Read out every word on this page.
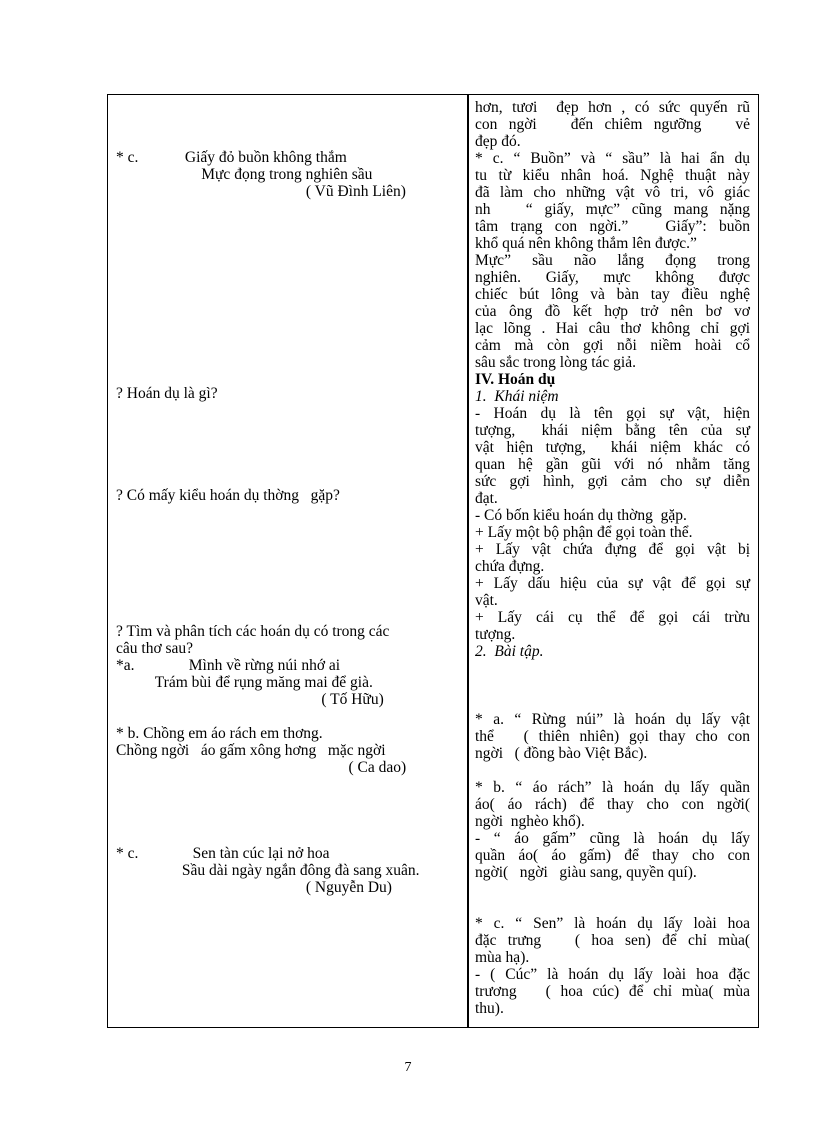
* c.            Giấy đỏ buồn không thắm
Mực đọng trong nghiên sầu
( Vũ Đình Liên)
? Hoán dụ là gì?
? Có mấy kiểu hoán dụ thờng   gặp?
? Tìm và phân tích các hoán dụ có trong các
câu thơ sau?
*a.              Mình về rừng núi nhớ ai
Trám bùi để rụng măng mai để già.
( Tố Hữu)
* b. Chồng em áo rách em thơng.
Chồng ngời   áo gấm xông hơng   mặc ngời
( Ca dao)
* c.              Sen tàn cúc lại nở hoa
Sầu dài ngày ngắn đông đà sang xuân.
( Nguyễn Du)
hơn, tươi  đẹp hơn , có sức quyến rũ
con ngời   đến chiêm ngưỡng   vẻ
đẹp đó.
* c. “ Buồn” và “ sầu” là hai ẩn dụ
tu từ kiểu nhân hoá. Nghệ thuật này
đã làm cho những vật vô tri, vô giác
nh   “ giấy, mực” cũng mang nặng
tâm trạng con ngời.”   Giấy”: buồn
khổ quá nên không thắm lên được.”
Mực”  sầu  não  lắng  đọng  trong
nghiên.  Giấy,  mực  không  được
chiếc bút lông và bàn tay điều nghệ
của ông đồ kết hợp trở nên bơ vơ
lạc lõng . Hai câu thơ không chỉ gợi
cảm mà còn gợi nỗi niềm hoài cổ
sâu sắc trong lòng tác giả.
IV. Hoán dụ
1.  Khái niệm
- Hoán dụ là tên gọi sự vật, hiện
tượng,  khái niệm bằng tên của sự
vật hiện tượng,  khái niệm khác có
quan hệ gần gũi với nó nhằm tăng
sức gợi hình, gợi cảm cho sự diễn
đạt.
- Có bốn kiểu hoán dụ thờng  gặp.
+ Lấy một bộ phận để gọi toàn thể.
+ Lấy vật chứa đựng để gọi vật bị
chứa đựng.
+ Lấy dấu hiệu của sự vật để gọi sự
vật.
+  Lấy  cái  cụ  thể  để  gọi  cái  trừu
tượng.
2.  Bài tập.
* a. “ Rừng núi” là hoán dụ lấy vật
thể   ( thiên nhiên) gọi thay cho con
ngời   ( đồng bào Việt Bắc).
* b. “ áo rách” là hoán dụ lấy quần
áo( áo rách) để thay cho con ngời(
ngời  nghèo khổ).
- “ áo gấm” cũng là hoán dụ lấy
quần áo( áo gấm) để thay cho con
ngời(   ngời   giàu sang, quyền quí).
* c. “ Sen” là hoán dụ lấy loài hoa
đặc trưng   ( hoa sen) để chỉ mùa(
mùa hạ).
- ( Cúc” là hoán dụ lấy loài hoa đặc
trương   ( hoa cúc) để chỉ mùa( mùa
thu).
7
